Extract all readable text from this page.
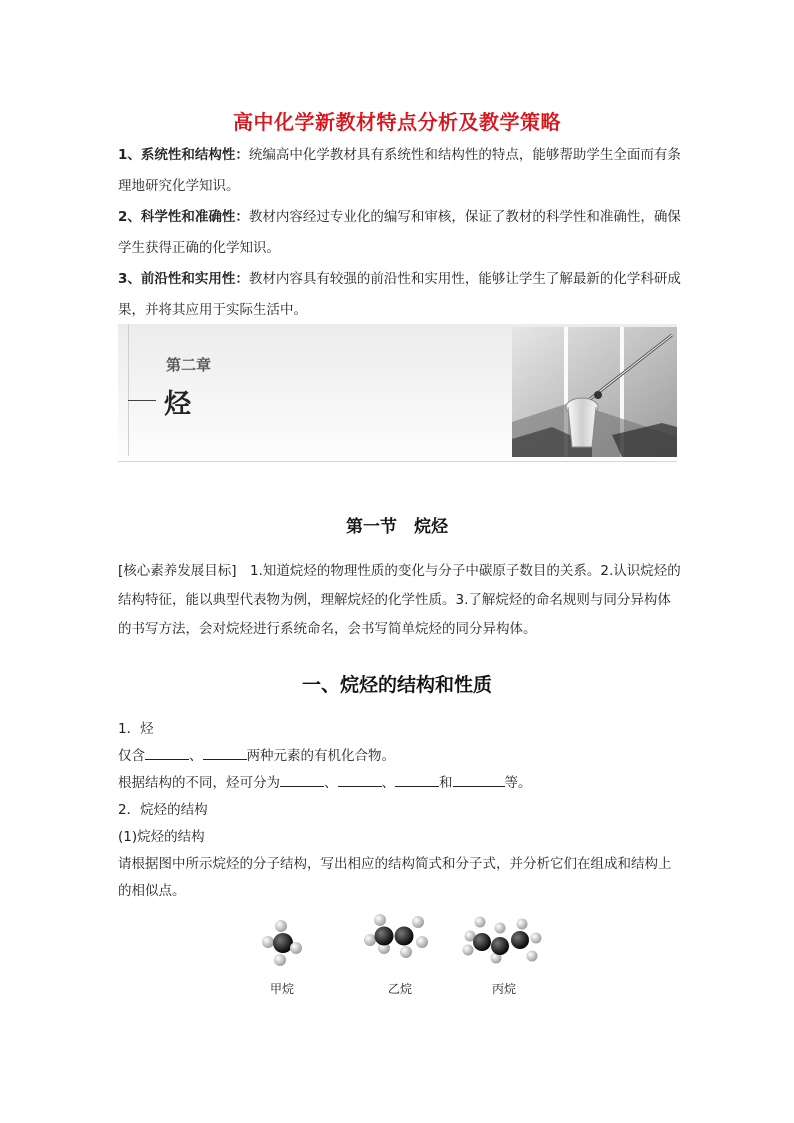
高中化学新教材特点分析及教学策略
1、系统性和结构性：统编高中化学教材具有系统性和结构性的特点，能够帮助学生全面而有条理地研究化学知识。
2、科学性和准确性：教材内容经过专业化的编写和审核，保证了教材的科学性和准确性，确保学生获得正确的化学知识。
3、前沿性和实用性：教材内容具有较强的前沿性和实用性，能够让学生了解最新的化学科研成果，并将其应用于实际生活中。
第二章
烃
第一节　烷烃
[核心素养发展目标]　1.知道烷烃的物理性质的变化与分子中碳原子数目的关系。2.认识烷烃的结构特征，能以典型代表物为例，理解烷烃的化学性质。3.了解烷烃的命名规则与同分异构体的书写方法，会对烷烃进行系统命名，会书写简单烷烃的同分异构体。
一、烷烃的结构和性质
1．烃
仅含	、	两种元素的有机化合物。
根据结构的不同，烃可分为	、	、	和	等。
2．烷烃的结构
(1)烷烃的结构
请根据图中所示烷烃的分子结构，写出相应的结构简式和分子式，并分析它们在组成和结构上的相似点。
甲烷	乙烷	丙烷
